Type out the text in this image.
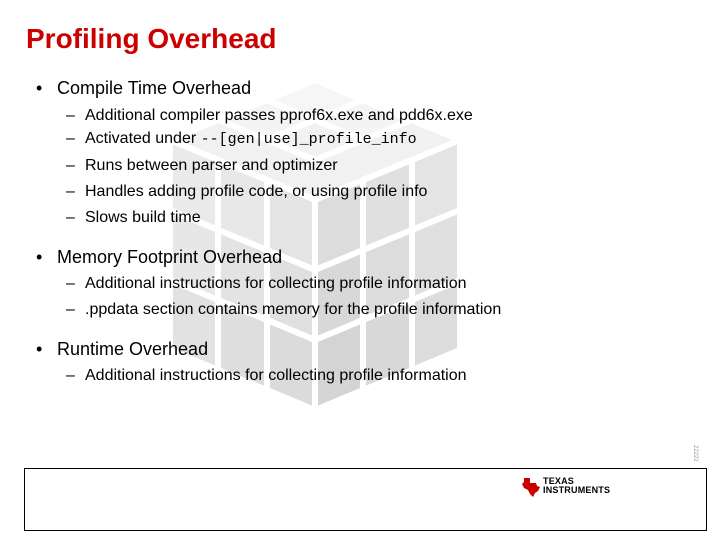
Profiling Overhead
• Compile Time Overhead
– Additional compiler passes pprof6x.exe and pdd6x.exe
– Activated under --[gen|use]_profile_info
– Runs between parser and optimizer
– Handles adding profile code, or using profile info
– Slows build time
• Memory Footprint Overhead
– Additional instructions for collecting profile information
– .ppdata section contains memory for the profile information
• Runtime Overhead
– Additional instructions for collecting profile information
22222
TEXAS
INSTRUMENTS
